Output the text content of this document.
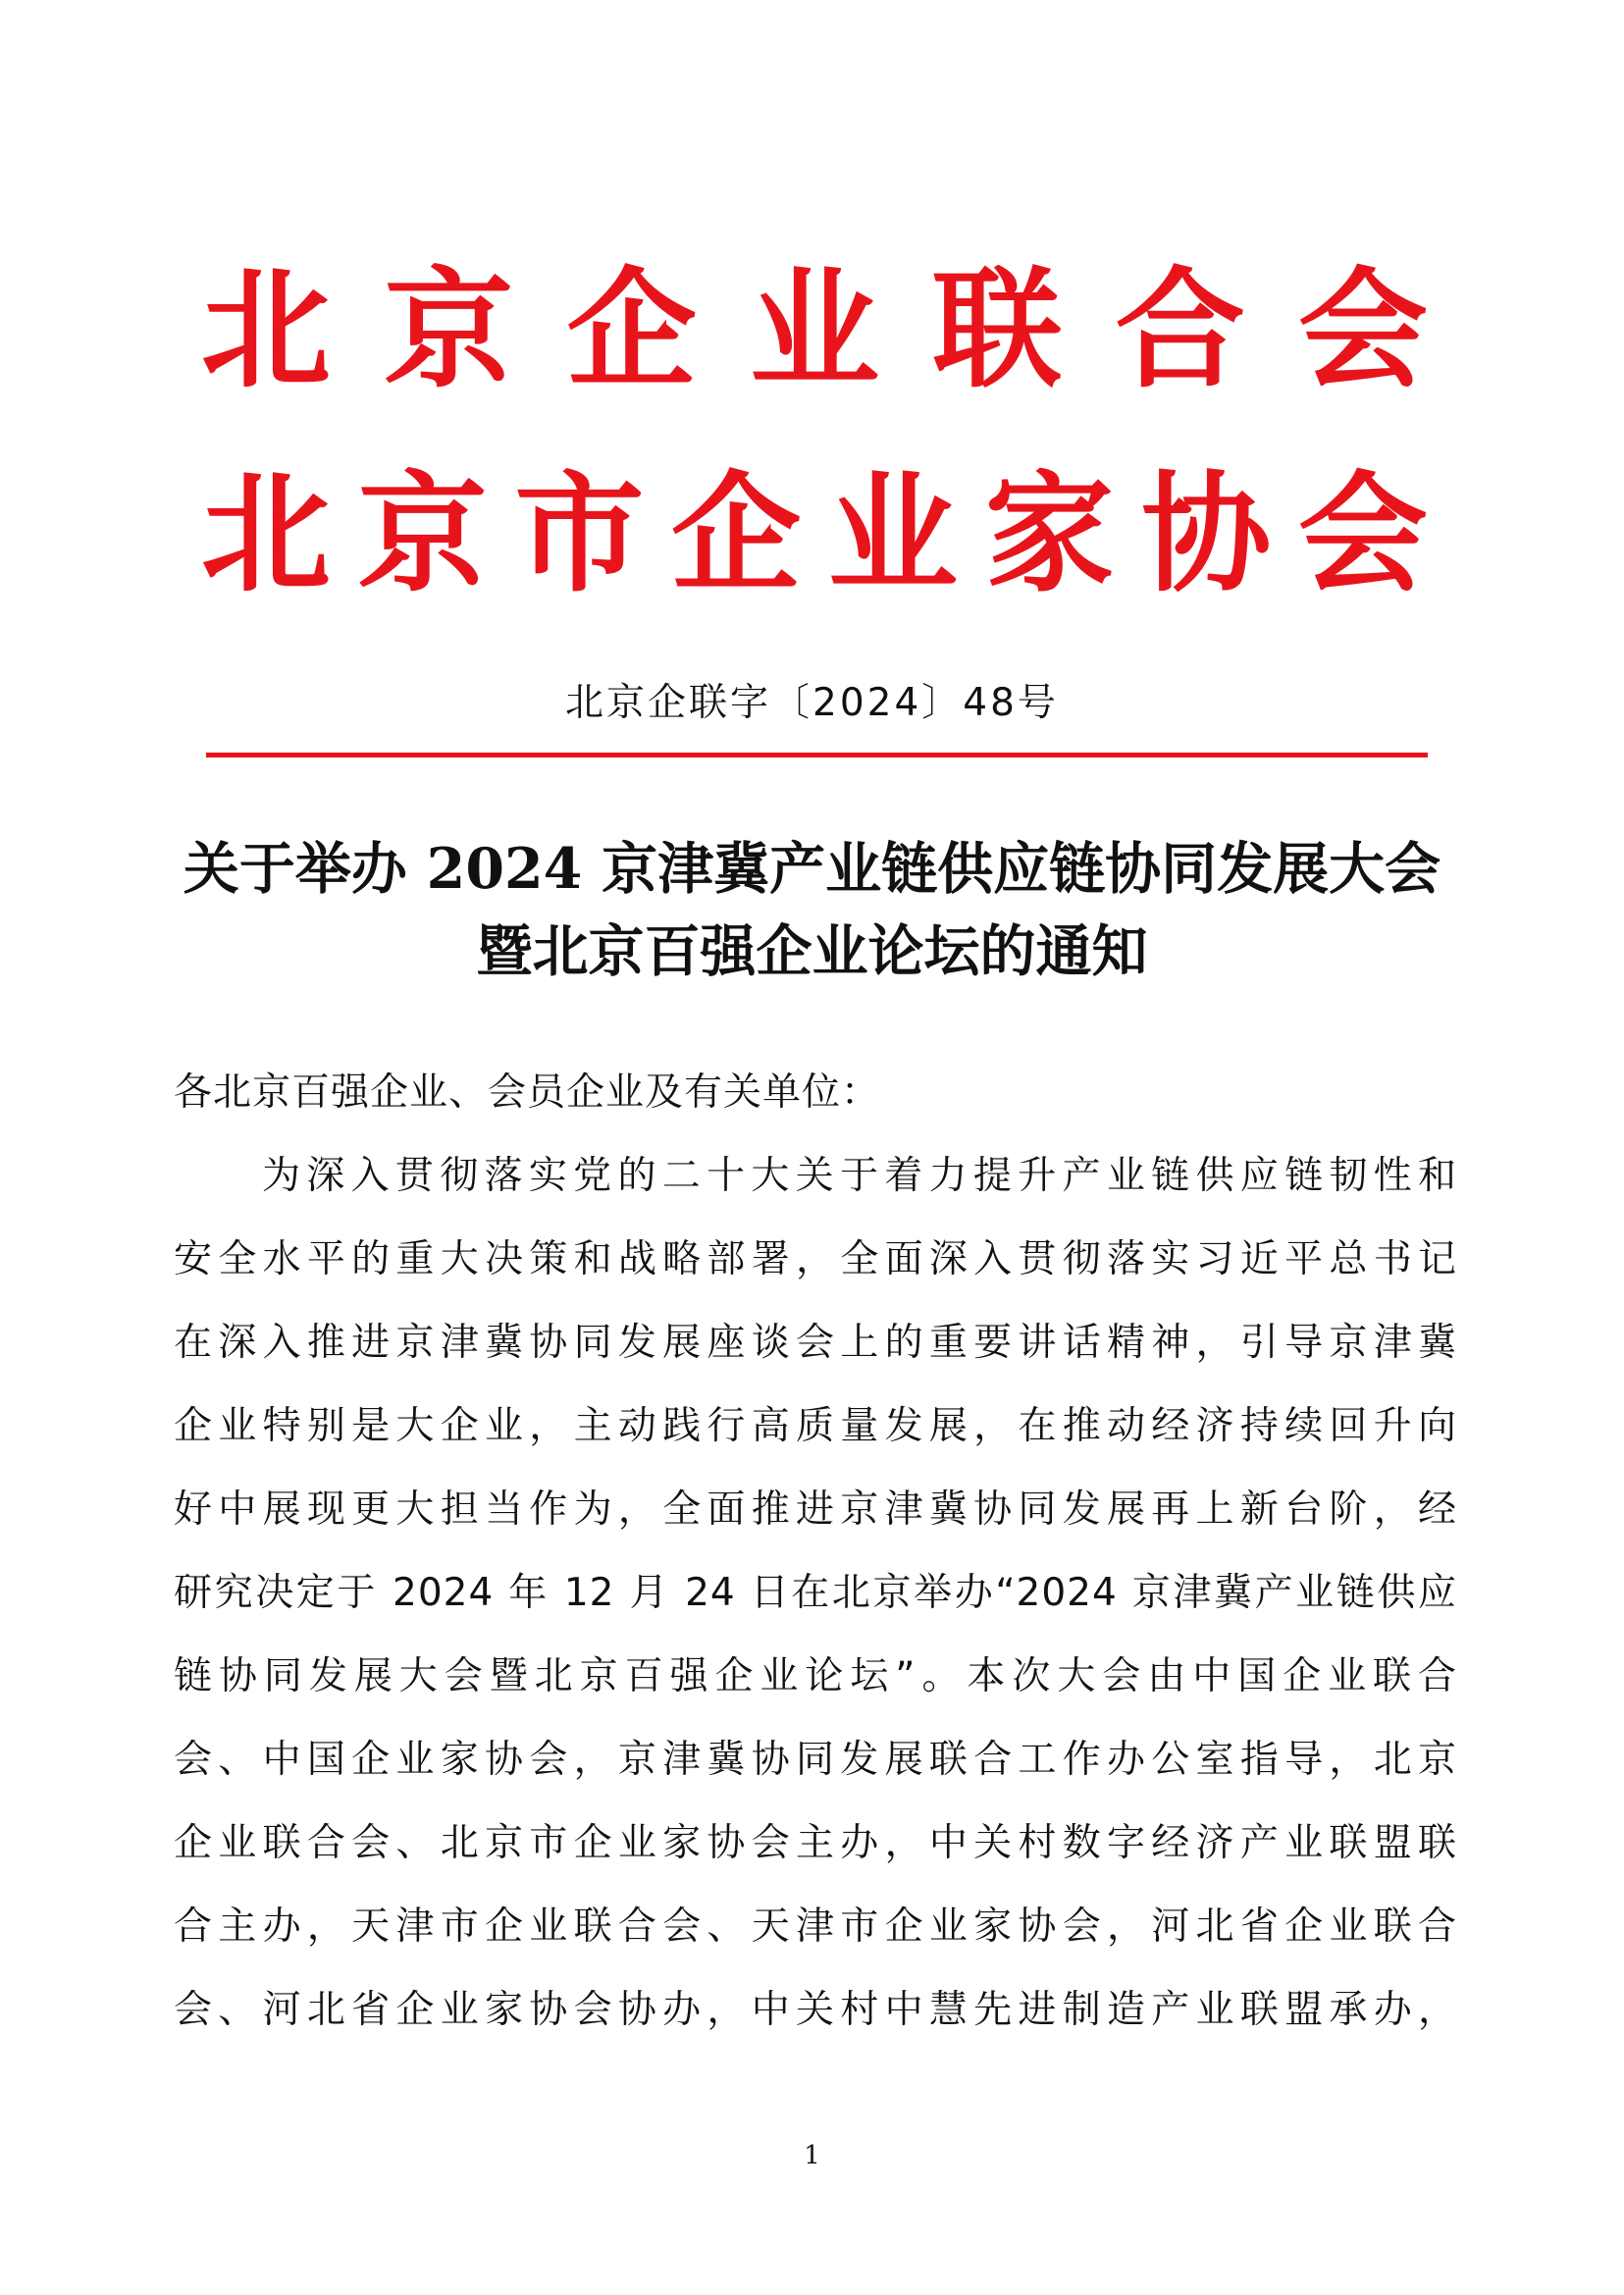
北 京 企 业 联 合 会
北 京 市 企 业 家 协 会
北京企联字〔2024〕48号
关于举办 2024 京津冀产业链供应链协同发展大会
暨北京百强企业论坛的通知
各北京百强企业、会员企业及有关单位：
为深入贯彻落实党的二十大关于着力提升产业链供应链韧性和
安全水平的重大决策和战略部署，全面深入贯彻落实习近平总书记
在深入推进京津冀协同发展座谈会上的重要讲话精神，引导京津冀
企业特别是大企业，主动践行高质量发展，在推动经济持续回升向
好中展现更大担当作为，全面推进京津冀协同发展再上新台阶，经
研究决定于 2024 年 12 月 24 日在北京举办“2024 京津冀产业链供应
链协同发展大会暨北京百强企业论坛”。本次大会由中国企业联合
会、中国企业家协会，京津冀协同发展联合工作办公室指导，北京
企业联合会、北京市企业家协会主办，中关村数字经济产业联盟联
合主办，天津市企业联合会、天津市企业家协会，河北省企业联合
会、河北省企业家协会协办，中关村中慧先进制造产业联盟承办，
1
